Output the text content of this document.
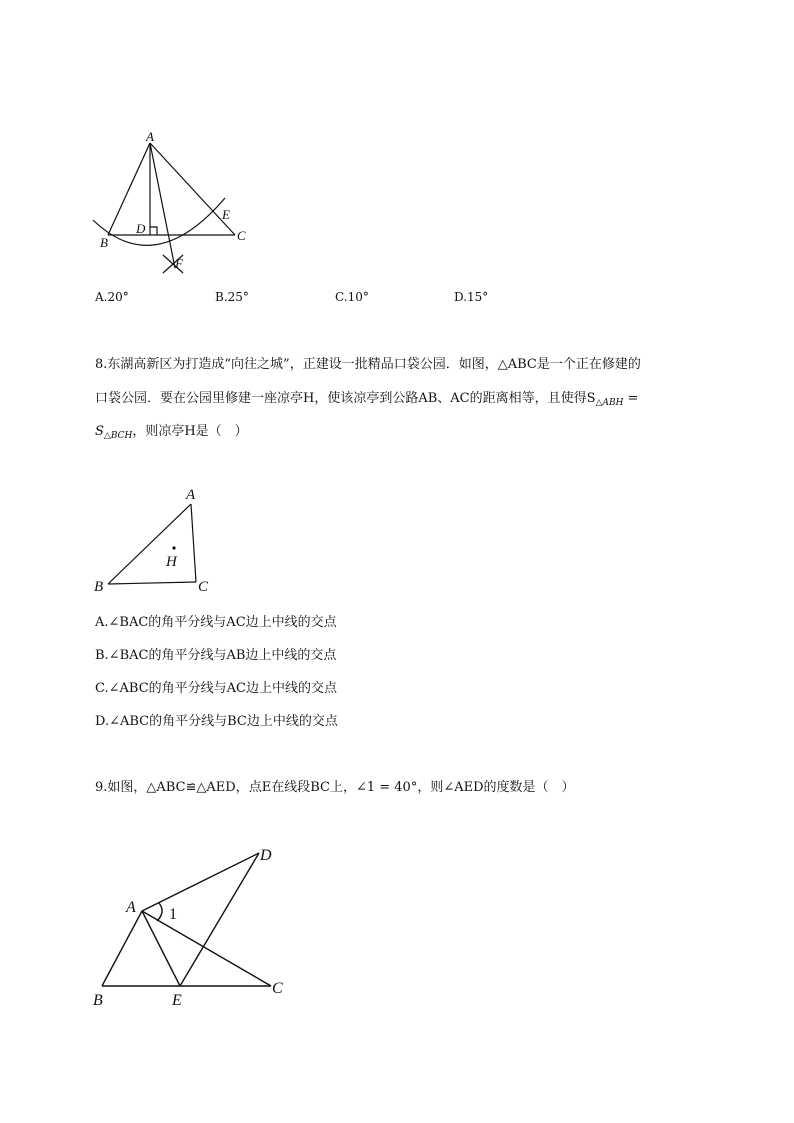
A
B	C
D
E
F
A.20°	B.25°	C.10°	D.15°
8.东湖高新区为打造成“向往之城”，正建设一批精品口袋公园．如图，△ABC是一个正在修建的
口袋公园．要在公园里修建一座凉亭H，使该凉亭到公路AB、AC的距离相等，且使得$S_{\triangle ABH}$ =
$S_{\triangle BCH}$，则凉亭H是（　）
A
B	C
H
A.∠BAC的角平分线与AC边上中线的交点
B.∠BAC的角平分线与AB边上中线的交点
C.∠ABC的角平分线与AC边上中线的交点
D.∠ABC的角平分线与BC边上中线的交点
9.如图，△ABC≌△AED，点E在线段BC上，∠1 = 40°，则∠AED的度数是（　）
A
B
C
D
E
1
